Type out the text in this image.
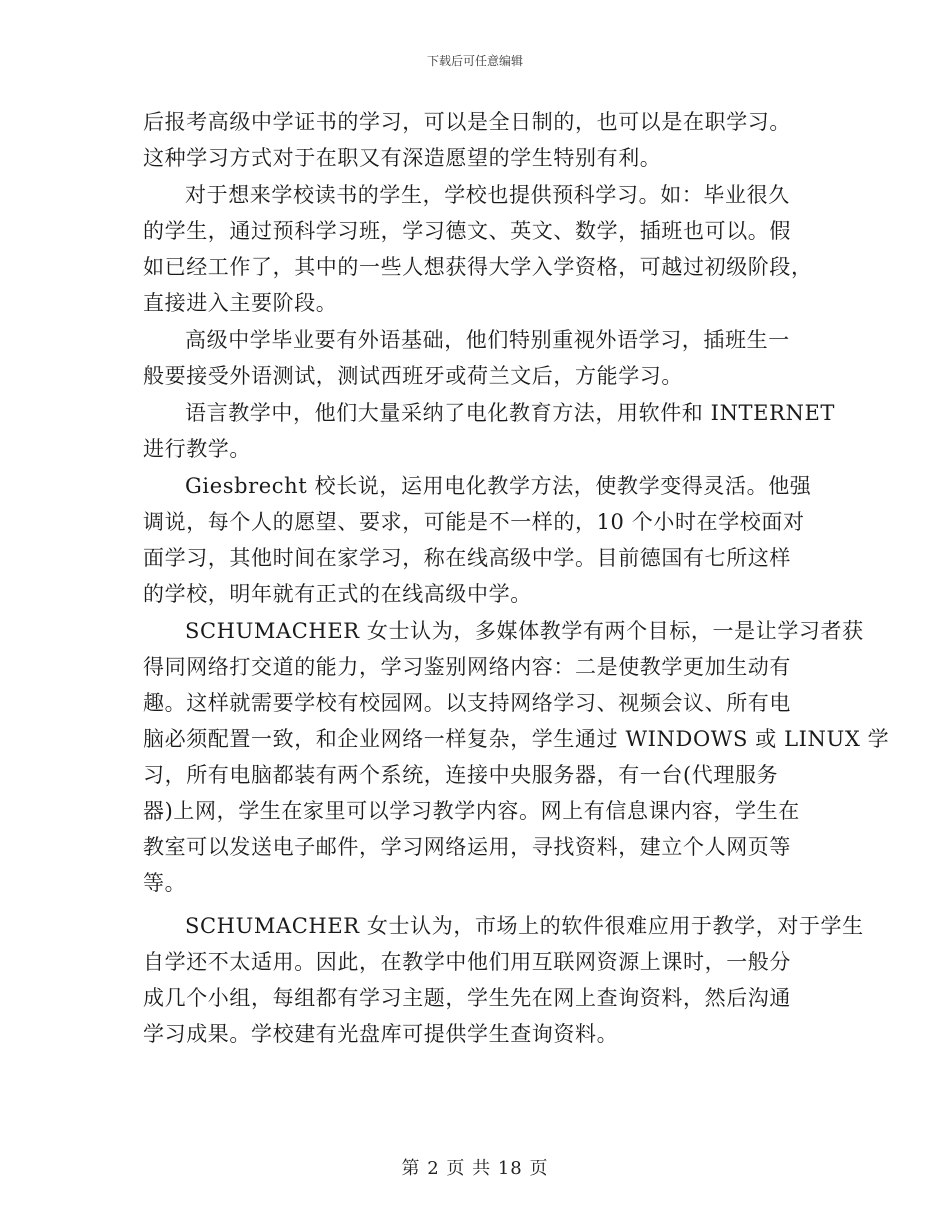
下载后可任意编辑
后报考高级中学证书的学习，可以是全日制的，也可以是在职学习。
这种学习方式对于在职又有深造愿望的学生特别有利。
对于想来学校读书的学生，学校也提供预科学习。如：毕业很久
的学生，通过预科学习班，学习德文、英文、数学，插班也可以。假
如已经工作了，其中的一些人想获得大学入学资格，可越过初级阶段，
直接进入主要阶段。
高级中学毕业要有外语基础，他们特别重视外语学习，插班生一
般要接受外语测试，测试西班牙或荷兰文后，方能学习。
语言教学中，他们大量采纳了电化教育方法，用软件和 INTERNET
进行教学。
Giesbrecht 校长说，运用电化教学方法，使教学变得灵活。他强
调说，每个人的愿望、要求，可能是不一样的，10 个小时在学校面对
面学习，其他时间在家学习，称在线高级中学。目前德国有七所这样
的学校，明年就有正式的在线高级中学。
SCHUMACHER 女士认为，多媒体教学有两个目标，一是让学习者获
得同网络打交道的能力，学习鉴别网络内容：二是使教学更加生动有
趣。这样就需要学校有校园网。以支持网络学习、视频会议、所有电
脑必须配置一致，和企业网络一样复杂，学生通过 WINDOWS 或 LINUX 学
习，所有电脑都装有两个系统，连接中央服务器，有一台(代理服务
器)上网，学生在家里可以学习教学内容。网上有信息课内容，学生在
教室可以发送电子邮件，学习网络运用，寻找资料，建立个人网页等
等。
SCHUMACHER 女士认为，市场上的软件很难应用于教学，对于学生
自学还不太适用。因此，在教学中他们用互联网资源上课时，一般分
成几个小组，每组都有学习主题，学生先在网上查询资料，然后沟通
学习成果。学校建有光盘库可提供学生查询资料。
第 2 页 共 18 页
